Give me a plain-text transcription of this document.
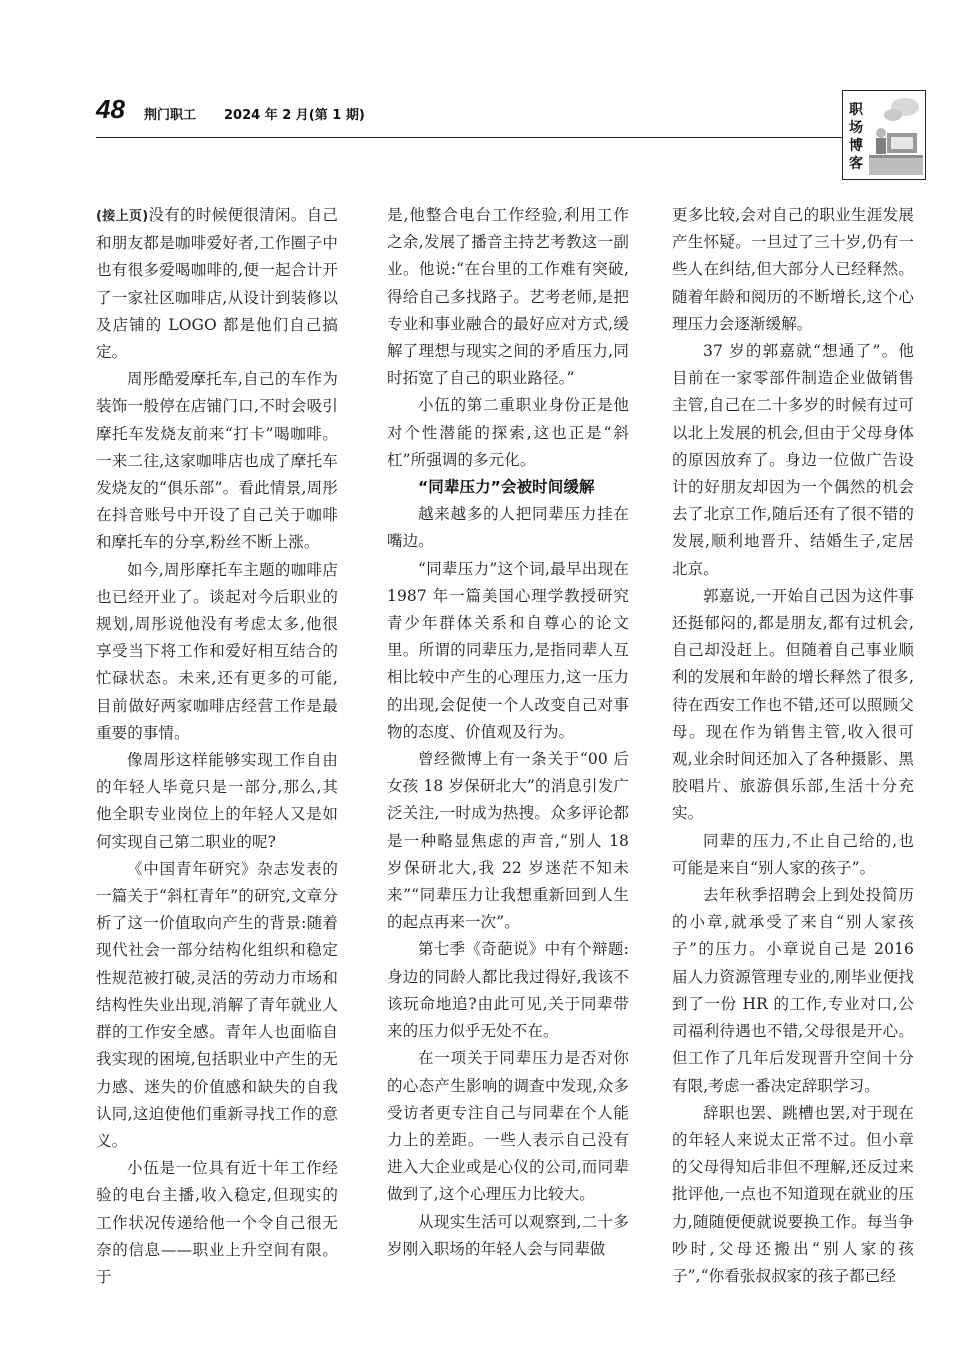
48 荆门职工 2024 年 2 月(第 1 期)	职场博客

(接上页)没有的时候便很清闲。自己和朋友都是咖啡爱好者,工作圈子中也有很多爱喝咖啡的,便一起合计开了一家社区咖啡店,从设计到装修以及店铺的 LOGO 都是他们自己搞定。

周彤酷爱摩托车,自己的车作为装饰一般停在店铺门口,不时会吸引摩托车发烧友前来“打卡”喝咖啡。一来二往,这家咖啡店也成了摩托车发烧友的“俱乐部”。看此情景,周彤在抖音账号中开设了自己关于咖啡和摩托车的分享,粉丝不断上涨。

如今,周彤摩托车主题的咖啡店也已经开业了。谈起对今后职业的规划,周彤说他没有考虑太多,他很享受当下将工作和爱好相互结合的忙碌状态。未来,还有更多的可能,目前做好两家咖啡店经营工作是最重要的事情。

像周彤这样能够实现工作自由的年轻人毕竟只是一部分,那么,其他全职专业岗位上的年轻人又是如何实现自己第二职业的呢?

《中国青年研究》杂志发表的一篇关于“斜杠青年”的研究,文章分析了这一价值取向产生的背景:随着现代社会一部分结构化组织和稳定性规范被打破,灵活的劳动力市场和结构性失业出现,消解了青年就业人群的工作安全感。青年人也面临自我实现的困境,包括职业中产生的无力感、迷失的价值感和缺失的自我认同,这迫使他们重新寻找工作的意义。

小伍是一位具有近十年工作经验的电台主播,收入稳定,但现实的工作状况传递给他一个令自己很无奈的信息——职业上升空间有限。于

是,他整合电台工作经验,利用工作之余,发展了播音主持艺考教这一副业。他说:“在台里的工作难有突破,得给自己多找路子。艺考老师,是把专业和事业融合的最好应对方式,缓解了理想与现实之间的矛盾压力,同时拓宽了自己的职业路径。”

小伍的第二重职业身份正是他对个性潜能的探索,这也正是“斜杠”所强调的多元化。

“同辈压力”会被时间缓解

越来越多的人把同辈压力挂在嘴边。

“同辈压力”这个词,最早出现在 1987 年一篇美国心理学教授研究青少年群体关系和自尊心的论文里。所谓的同辈压力,是指同辈人互相比较中产生的心理压力,这一压力的出现,会促使一个人改变自己对事物的态度、价值观及行为。

曾经微博上有一条关于“00 后女孩 18 岁保研北大”的消息引发广泛关注,一时成为热搜。众多评论都是一种略显焦虑的声音,“别人 18 岁保研北大,我 22 岁迷茫不知未来”“同辈压力让我想重新回到人生的起点再来一次”。

第七季《奇葩说》中有个辩题:身边的同龄人都比我过得好,我该不该玩命地追?由此可见,关于同辈带来的压力似乎无处不在。

在一项关于同辈压力是否对你的心态产生影响的调查中发现,众多受访者更专注自己与同辈在个人能力上的差距。一些人表示自己没有进入大企业或是心仪的公司,而同辈做到了,这个心理压力比较大。

从现实生活可以观察到,二十多岁刚入职场的年轻人会与同辈做

更多比较,会对自己的职业生涯发展产生怀疑。一旦过了三十岁,仍有一些人在纠结,但大部分人已经释然。随着年龄和阅历的不断增长,这个心理压力会逐渐缓解。

37 岁的郭嘉就“想通了”。他目前在一家零部件制造企业做销售主管,自己在二十多岁的时候有过可以北上发展的机会,但由于父母身体的原因放弃了。身边一位做广告设计的好朋友却因为一个偶然的机会去了北京工作,随后还有了很不错的发展,顺利地晋升、结婚生子,定居北京。

郭嘉说,一开始自己因为这件事还挺郁闷的,都是朋友,都有过机会,自己却没赶上。但随着自己事业顺利的发展和年龄的增长释然了很多,待在西安工作也不错,还可以照顾父母。现在作为销售主管,收入很可观,业余时间还加入了各种摄影、黑胶唱片、旅游俱乐部,生活十分充实。

同辈的压力,不止自己给的,也可能是来自“别人家的孩子”。

去年秋季招聘会上到处投简历的小章,就承受了来自“别人家孩子”的压力。小章说自己是 2016 届人力资源管理专业的,刚毕业便找到了一份 HR 的工作,专业对口,公司福利待遇也不错,父母很是开心。但工作了几年后发现晋升空间十分有限,考虑一番决定辞职学习。

辞职也罢、跳槽也罢,对于现在的年轻人来说太正常不过。但小章的父母得知后非但不理解,还反过来批评他,一点也不知道现在就业的压力,随随便便就说要换工作。每当争吵时,父母还搬出“别人家的孩子”,“你看张叔叔家的孩子都已经
